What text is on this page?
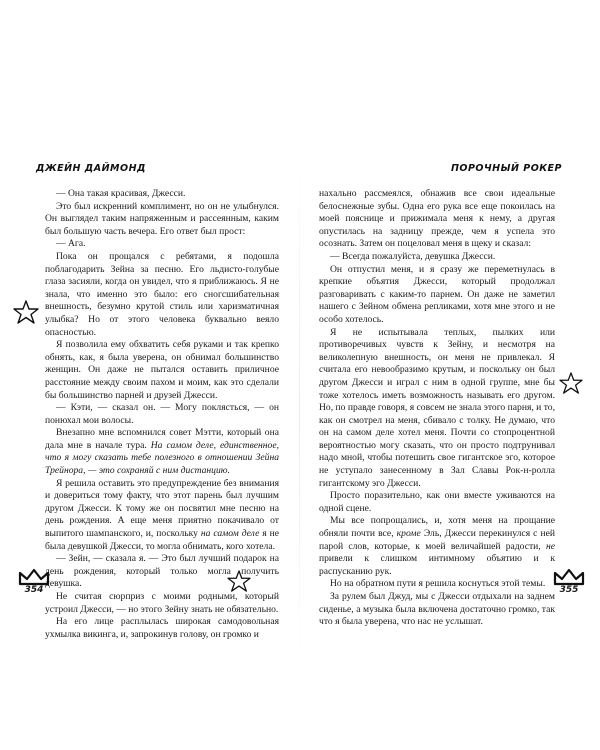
ДЖЕЙН ДАЙМОНД

— Она такая красивая, Джесси.

Это был искренний комплимент, но он не улыбнулся. Он выглядел таким напряженным и рассеянным, каким был большую часть вечера. Его ответ был прост:

— Ага.

Пока он прощался с ребятами, я подошла поблагодарить Зейна за песню. Его льдисто-голубые глаза засияли, когда он увидел, что я приближаюсь. Я не знала, что именно это было: его сногсшибательная внешность, безумно крутой стиль или харизматичная улыбка? Но от этого человека буквально веяло опасностью.

Я позволила ему обхватить себя руками и так крепко обнять, как, я была уверена, он обнимал большинство женщин. Он даже не пытался оставить приличное расстояние между своим пахом и моим, как это сделали бы большинство парней и друзей Джесси.

— Кэти, — сказал он. — Могу поклясться, — он понюхал мои волосы.

Внезапно мне вспомнился совет Мэтти, который она дала мне в начале тура. На самом деле, единственное, что я могу сказать тебе полезного в отношении Зейна Трейнора, — это сохраняй с ним дистанцию.

Я решила оставить это предупреждение без внимания и довериться тому факту, что этот парень был лучшим другом Джесси. К тому же он посвятил мне песню на день рождения. А еще меня приятно покачивало от выпитого шампанского, и, поскольку на самом деле я не была девушкой Джесси, то могла обнимать, кого хотела.

— Зейн, — сказала я. — Это был лучший подарок на день рождения, который только могла получить девушка.

Не считая сюрприз с моими родными, который устроил Джесси, — но этого Зейну знать не обязательно.

На его лице расплылась широкая самодовольная ухмылка викинга, и, запрокинув голову, он громко и

354
ПОРОЧНЫЙ РОКЕР

нахально рассмеялся, обнажив все свои идеальные белоснежные зубы. Одна его рука все еще покоилась на моей пояснице и прижимала меня к нему, а другая опустилась на задницу прежде, чем я успела это осознать. Затем он поцеловал меня в щеку и сказал:

— Всегда пожалуйста, девушка Джесси.

Он отпустил меня, и я сразу же переметнулась в крепкие объятия Джесси, который продолжал разговаривать с каким-то парнем. Он даже не заметил нашего с Зейном обмена репликами, хотя мне этого и не особо хотелось.

Я не испытывала теплых, пылких или противоречивых чувств к Зейну, и несмотря на великолепную внешность, он меня не привлекал. Я считала его невообразимо крутым, и поскольку он был другом Джесси и играл с ним в одной группе, мне бы тоже хотелось иметь возможность называть его другом. Но, по правде говоря, я совсем не знала этого парня, и то, как он смотрел на меня, сбивало с толку. Не думаю, что он на самом деле хотел меня. Почти со стопроцентной вероятностью могу сказать, что он просто подтрунивал надо мной, чтобы потешить свое гигантское эго, которое не уступало занесенному в Зал Славы Рок-н-ролла гигантскому эго Джесси.

Просто поразительно, как они вместе уживаются на одной сцене.

Мы все попрощались, и, хотя меня на прощание обняли почти все, кроме Эль, Джесси перекинулся с ней парой слов, которые, к моей величайшей радости, не привели к слишком интимному объятию и к распусканию рук.

Но на обратном пути я решила коснуться этой темы.

За рулем был Джуд, мы с Джесси отдыхали на заднем сиденье, а музыка была включена достаточно громко, так что я была уверена, что нас не услышат.

355
